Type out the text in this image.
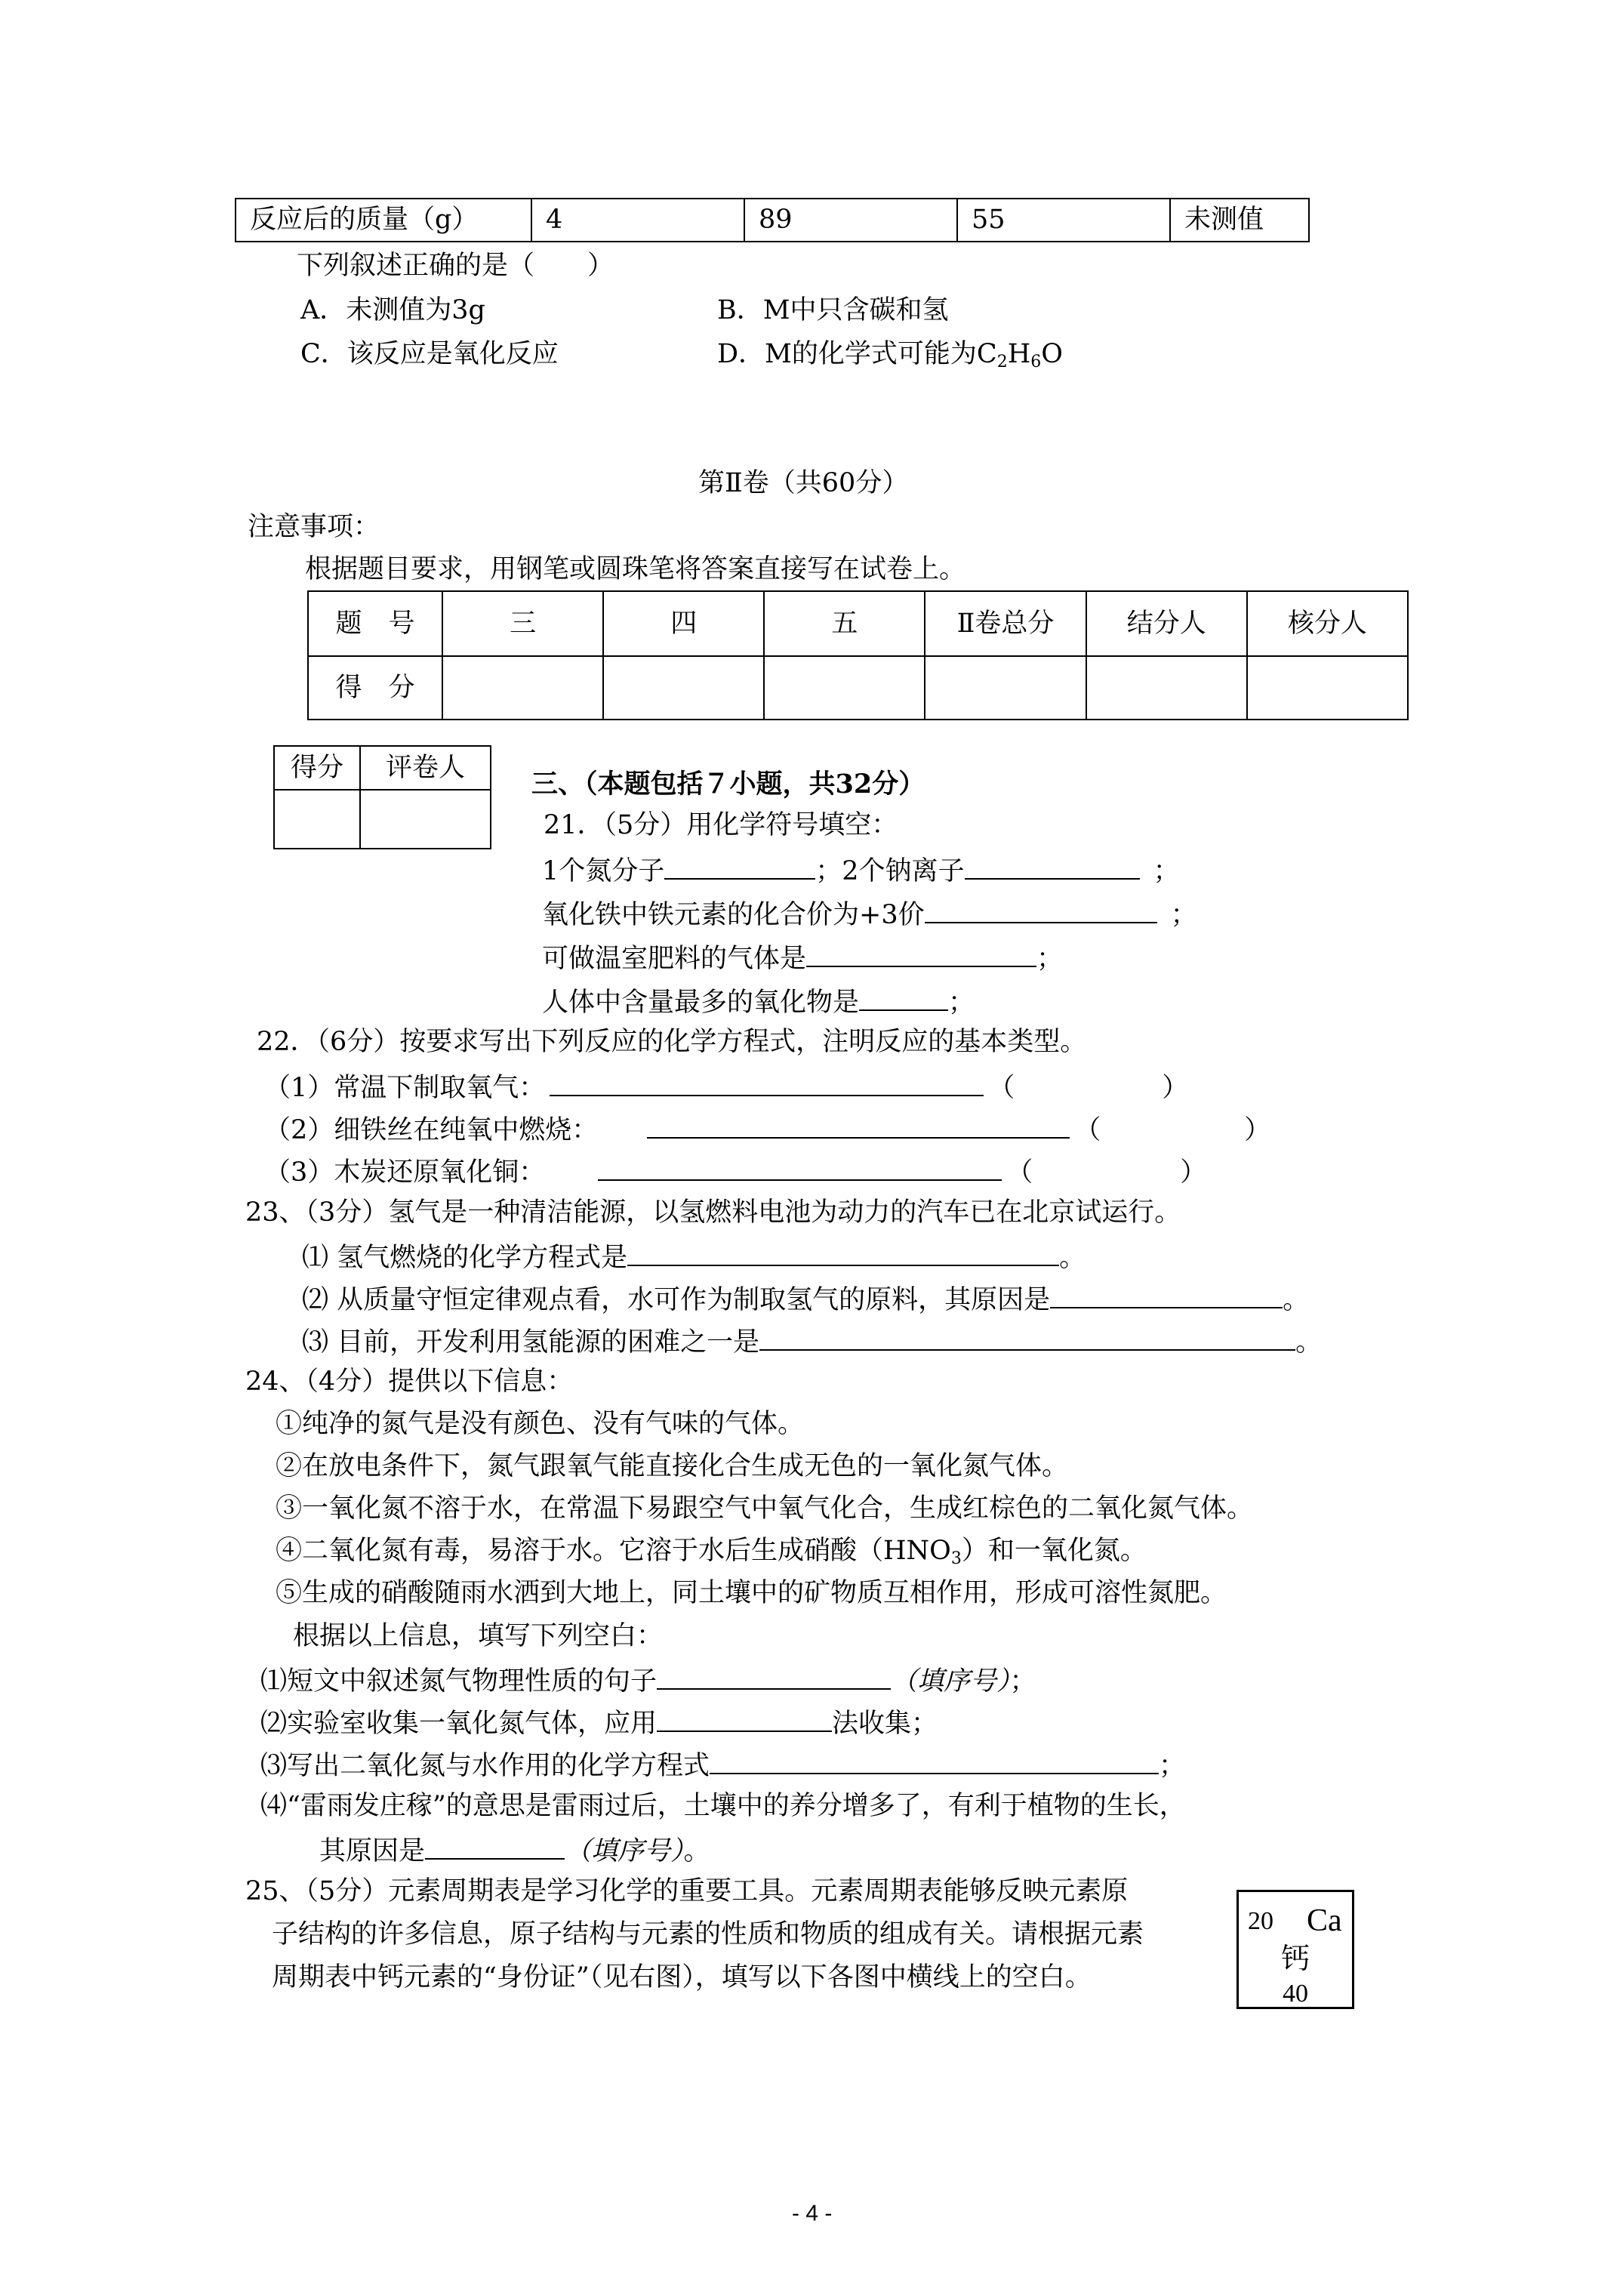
反应后的质量（g）	4	89	55	未测值
下列叙述正确的是（　　）
A．未测值为3g	B．M中只含碳和氢
C．该反应是氧化反应	D．M的化学式可能为$C_2H_6O$
第Ⅱ卷（共60分）
注意事项：
根据题目要求，用钢笔或圆珠笔将答案直接写在试卷上。
题　号	三	四	五	Ⅱ卷总分	结分人	核分人
得　分						
得分	评卷人

三、（本题包括７小题，共32分）
21．（5分）用化学符号填空：
1个氮分子	；2个钠离子	；
氧化铁中铁元素的化合价为+3价	；
可做温室肥料的气体是	；
人体中含量最多的氧化物是	；
22．（6分）按要求写出下列反应的化学方程式，注明反应的基本类型。
（1）常温下制取氧气：	（	）
（2）细铁丝在纯氧中燃烧：	（	）
（3）木炭还原氧化铜：	（	）
23、（3分）氢气是一种清洁能源，以氢燃料电池为动力的汽车已在北京试运行。
⑴ 氢气燃烧的化学方程式是	。
⑵ 从质量守恒定律观点看，水可作为制取氢气的原料，其原因是	。
⑶ 目前，开发利用氢能源的困难之一是	。
24、（4分）提供以下信息：
①纯净的氮气是没有颜色、没有气味的气体。
②在放电条件下，氮气跟氧气能直接化合生成无色的一氧化氮气体。
③一氧化氮不溶于水，在常温下易跟空气中氧气化合，生成红棕色的二氧化氮气体。
④二氧化氮有毒，易溶于水。它溶于水后生成硝酸$(HNO_3)$和一氧化氮。
⑤生成的硝酸随雨水洒到大地上，同土壤中的矿物质互相作用，形成可溶性氮肥。
根据以上信息，填写下列空白：
⑴短文中叙述氮气物理性质的句子	（填序号）；
⑵实验室收集一氧化氮气体，应用	法收集；
⑶写出二氧化氮与水作用的化学方程式	；
⑷“雷雨发庄稼”的意思是雷雨过后，土壤中的养分增多了，有利于植物的生长，
其原因是	（填序号）。
25、（5分）元素周期表是学习化学的重要工具。元素周期表能够反映元素原
子结构的许多信息，原子结构与元素的性质和物质的组成有关。请根据元素
周期表中钙元素的“身份证”（见右图），填写以下各图中横线上的空白。
20 Ca
钙
40
- 4 -
